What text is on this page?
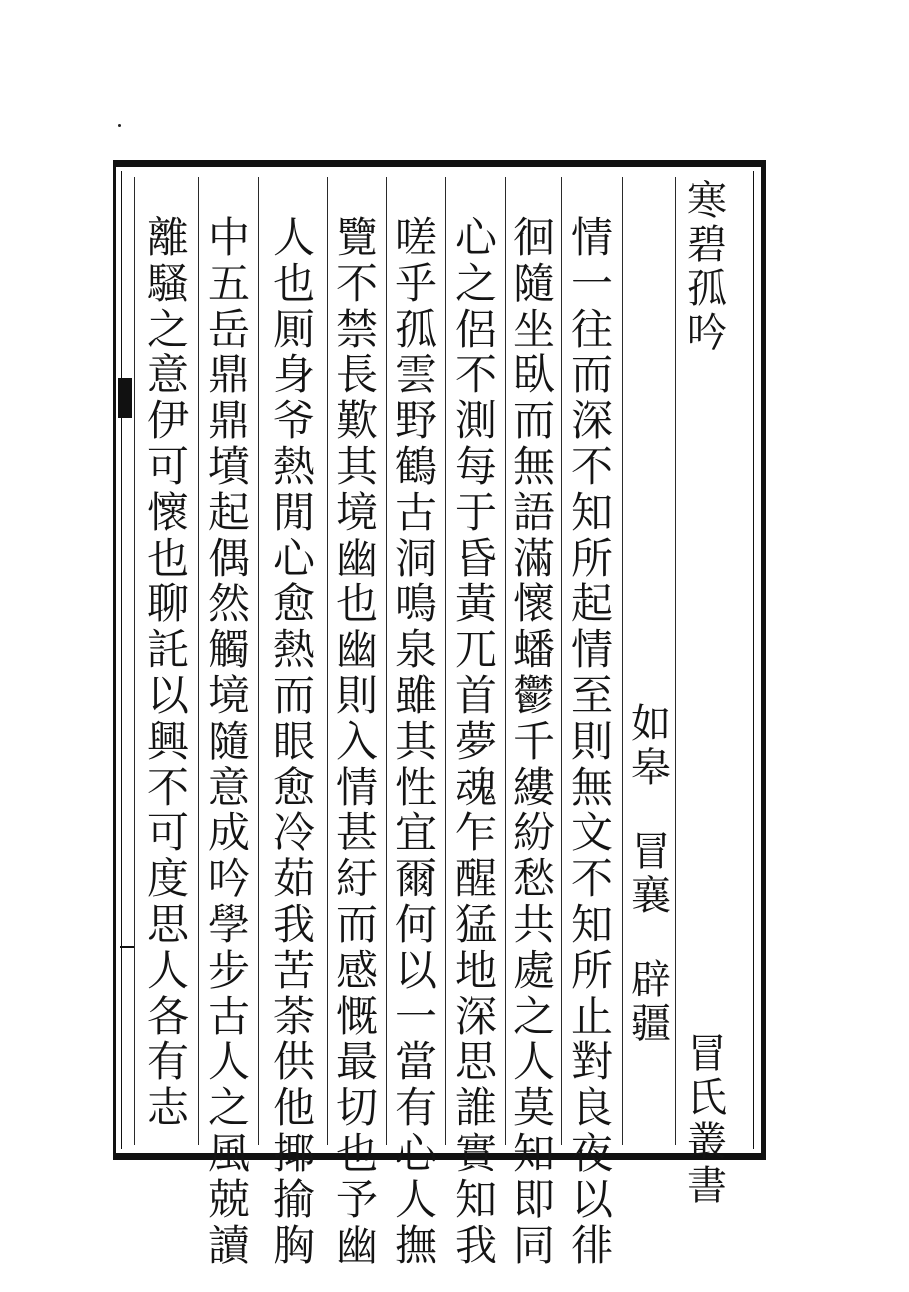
寒碧孤吟
冒氏叢書
如皋
冒 襄
辟疆
情一往而深不知所起情至則無文不知所止對良夜以徘
徊隨坐臥而無語滿懷蟠鬱千縷紛愁共處之人莫知即同
心之侶不測每于昏黃兀首夢魂乍醒猛地深思誰實知我
嗟乎孤雲野鶴古洞鳴泉雖其性宜爾何以一當有心人撫
覽不禁長歎其境幽也幽則入情甚紆而感慨最切也予幽
人也厠身爷熱閒心愈熱而眼愈冷茹我苦荼供他揶揄胸
中五岳鼎鼎墳起偶然觸境隨意成吟學步古人之風兢讀
離騷之意伊可懷也聊託以興不可度思人各有志
